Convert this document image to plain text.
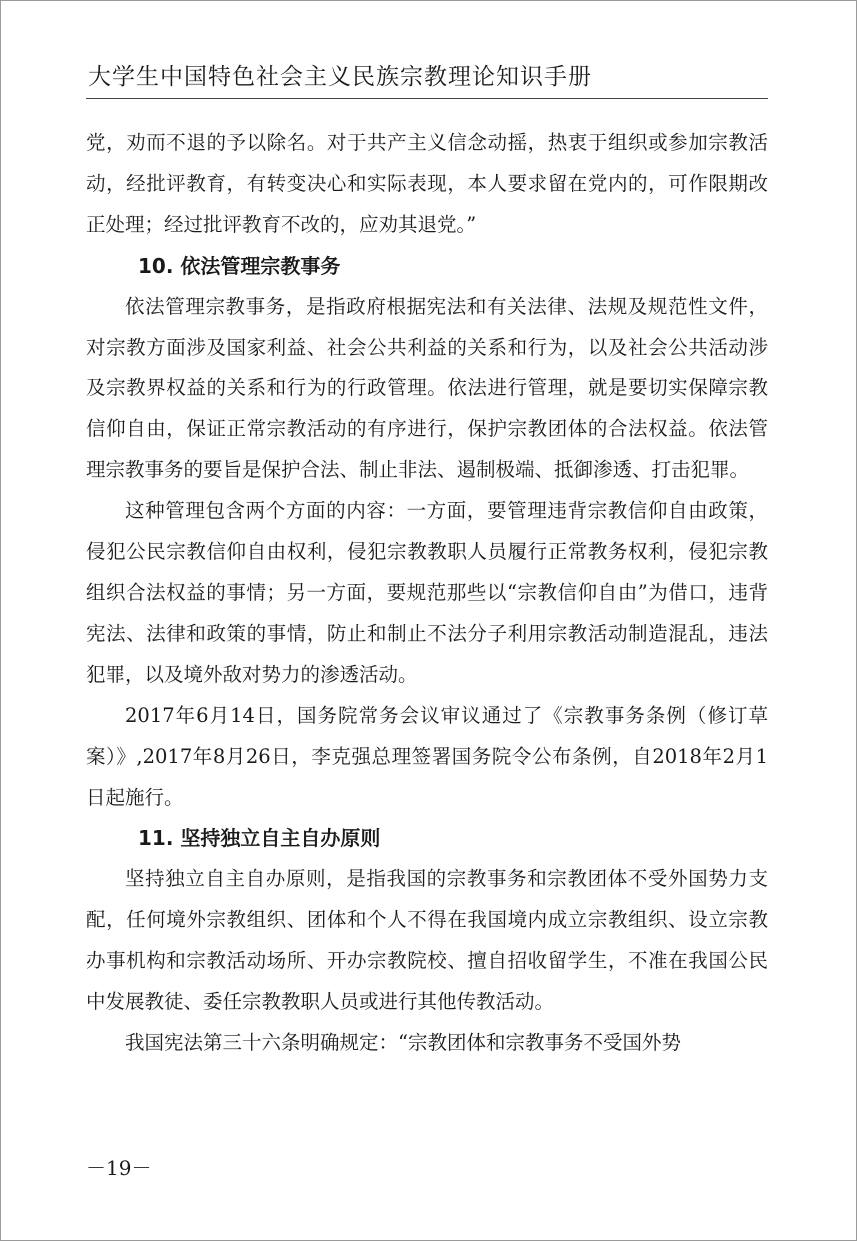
大学生中国特色社会主义民族宗教理论知识手册

党，劝而不退的予以除名。对于共产主义信念动摇，热衷于组织或参加宗教活动，经批评教育，有转变决心和实际表现，本人要求留在党内的，可作限期改正处理；经过批评教育不改的，应劝其退党。”

10. 依法管理宗教事务

依法管理宗教事务，是指政府根据宪法和有关法律、法规及规范性文件，对宗教方面涉及国家利益、社会公共利益的关系和行为，以及社会公共活动涉及宗教界权益的关系和行为的行政管理。依法进行管理，就是要切实保障宗教信仰自由，保证正常宗教活动的有序进行，保护宗教团体的合法权益。依法管理宗教事务的要旨是保护合法、制止非法、遏制极端、抵御渗透、打击犯罪。

这种管理包含两个方面的内容：一方面，要管理违背宗教信仰自由政策，侵犯公民宗教信仰自由权利，侵犯宗教教职人员履行正常教务权利，侵犯宗教组织合法权益的事情；另一方面，要规范那些以“宗教信仰自由”为借口，违背宪法、法律和政策的事情，防止和制止不法分子利用宗教活动制造混乱，违法犯罪，以及境外敌对势力的渗透活动。

2017年6月14日，国务院常务会议审议通过了《宗教事务条例（修订草案）》,2017年8月26日，李克强总理签署国务院令公布条例，自2018年2月1日起施行。

11. 坚持独立自主自办原则

坚持独立自主自办原则，是指我国的宗教事务和宗教团体不受外国势力支配，任何境外宗教组织、团体和个人不得在我国境内成立宗教组织、设立宗教办事机构和宗教活动场所、开办宗教院校、擅自招收留学生，不准在我国公民中发展教徒、委任宗教教职人员或进行其他传教活动。

我国宪法第三十六条明确规定：“宗教团体和宗教事务不受国外势

－19－
